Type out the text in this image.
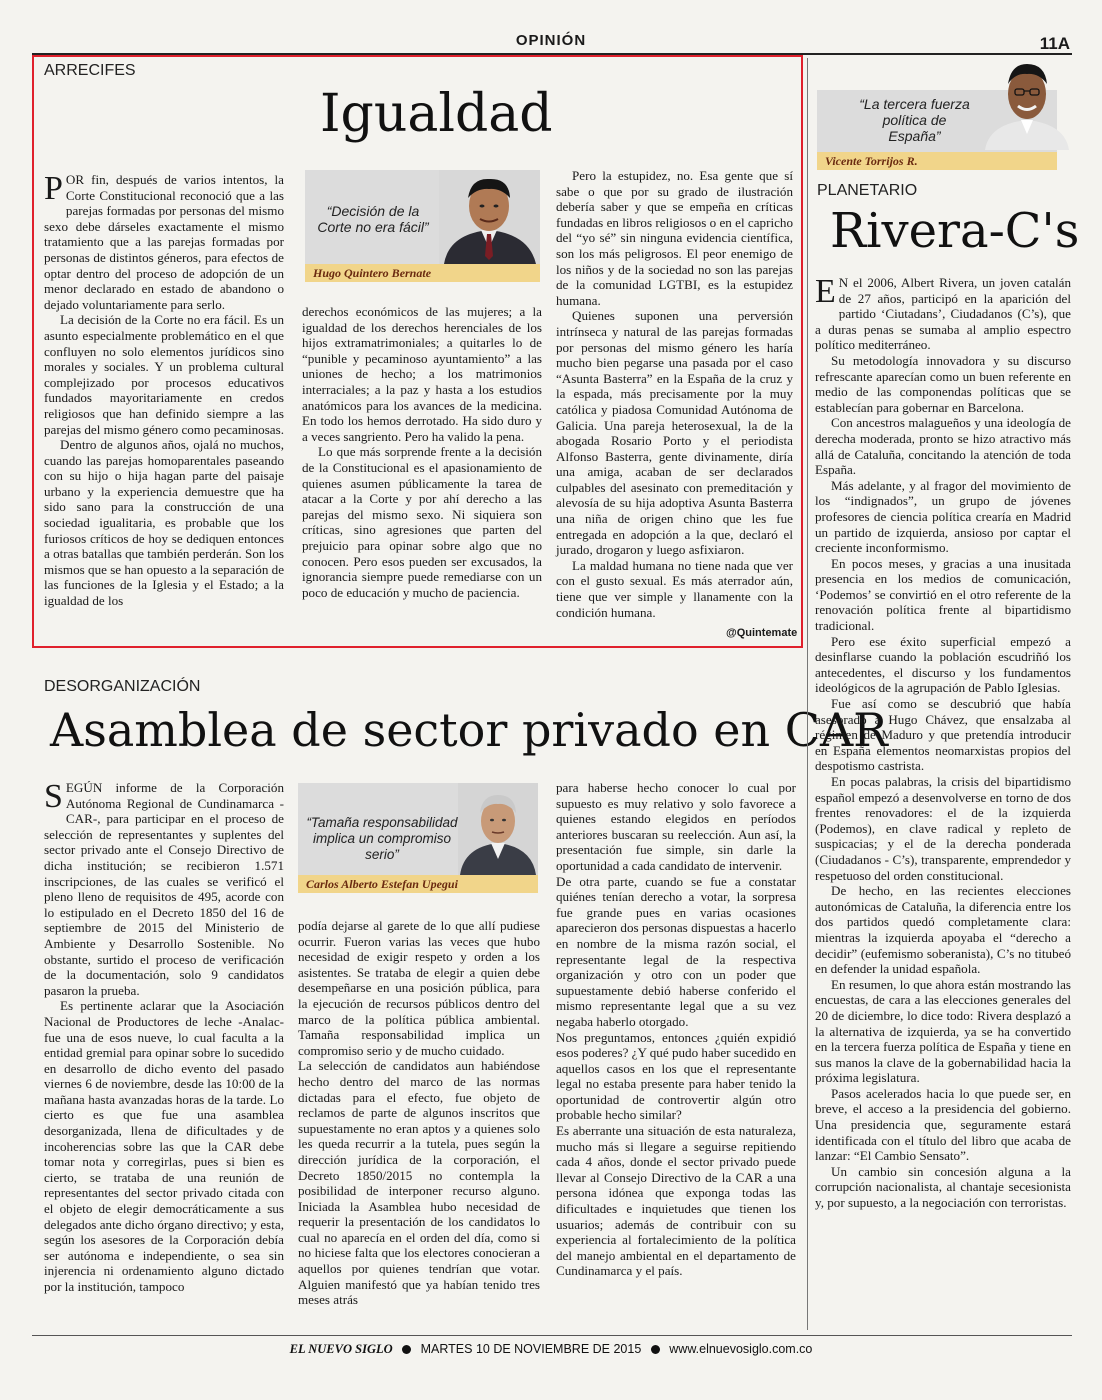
OPINIÓN	11A
ARRECIFES
Igualdad

POR fin, después de varios intentos, la Corte Constitucional reconoció que a las parejas formadas por personas del mismo sexo debe dárseles exactamente el mismo tratamiento que a las parejas formadas por personas de distintos géneros, para efectos de optar dentro del proceso de adopción de un menor declarado en estado de abandono o dejado voluntariamente para serlo.

La decisión de la Corte no era fácil. Es un asunto especialmente problemático en el que confluyen no solo elementos jurídicos sino morales y sociales. Y un problema cultural complejizado por procesos educativos fundados mayoritariamente en credos religiosos que han definido siempre a las parejas del mismo género como pecaminosas.

Dentro de algunos años, ojalá no muchos, cuando las parejas homoparentales paseando con su hijo o hija hagan parte del paisaje urbano y la experiencia demuestre que ha sido sano para la construcción de una sociedad igualitaria, es probable que los furiosos críticos de hoy se dediquen entonces a otras batallas que también perderán. Son los mismos que se han opuesto a la separación de las funciones de la Iglesia y el Estado; a la igualdad de los

“Decisión de la Corte no era fácil”
Hugo Quintero Bernate

derechos económicos de las mujeres; a la igualdad de los derechos herenciales de los hijos extramatrimoniales; a quitarles lo de “punible y pecaminoso ayuntamiento” a las uniones de hecho; a los matrimonios interraciales; a la paz y hasta a los estudios anatómicos para los avances de la medicina. En todo los hemos derrotado. Ha sido duro y a veces sangriento. Pero ha valido la pena.

Lo que más sorprende frente a la decisión de la Constitucional es el apasionamiento de quienes asumen públicamente la tarea de atacar a la Corte y por ahí derecho a las parejas del mismo sexo. Ni siquiera son críticas, sino agresiones que parten del prejuicio para opinar sobre algo que no conocen. Pero esos pueden ser excusados, la ignorancia siempre puede remediarse con un poco de educación y mucho de paciencia.

Pero la estupidez, no. Esa gente que sí sabe o que por su grado de ilustración debería saber y que se empeña en críticas fundadas en libros religiosos o en el capricho del “yo sé” sin ninguna evidencia científica, son los más peligrosos. El peor enemigo de los niños y de la sociedad no son las parejas de la comunidad LGTBI, es la estupidez humana.

Quienes suponen una perversión intrínseca y natural de las parejas formadas por personas del mismo género les haría mucho bien pegarse una pasada por el caso “Asunta Basterra” en la España de la cruz y la espada, más precisamente por la muy católica y piadosa Comunidad Autónoma de Galicia. Una pareja heterosexual, la de la abogada Rosario Porto y el periodista Alfonso Basterra, gente divinamente, diría una amiga, acaban de ser declarados culpables del asesinato con premeditación y alevosía de su hija adoptiva Asunta Basterra una niña de origen chino que les fue entregada en adopción a la que, declaró el jurado, drogaron y luego asfixiaron.

La maldad humana no tiene nada que ver con el gusto sexual. Es más aterrador aún, tiene que ver simple y llanamente con la condición humana.

@Quintemate
DESORGANIZACIÓN
Asamblea de sector privado en CAR

SEGÚN informe de la Corporación Autónoma Regional de Cundinamarca -CAR-, para participar en el proceso de selección de representantes y suplentes del sector privado ante el Consejo Directivo de dicha institución; se recibieron 1.571 inscripciones, de las cuales se verificó el pleno lleno de requisitos de 495, acorde con lo estipulado en el Decreto 1850 del 16 de septiembre de 2015 del Ministerio de Ambiente y Desarrollo Sostenible. No obstante, surtido el proceso de verificación de la documentación, solo 9 candidatos pasaron la prueba.

Es pertinente aclarar que la Asociación Nacional de Productores de leche -Analac- fue una de esos nueve, lo cual faculta a la entidad gremial para opinar sobre lo sucedido en desarrollo de dicho evento del pasado viernes 6 de noviembre, desde las 10:00 de la mañana hasta avanzadas horas de la tarde. Lo cierto es que fue una asamblea desorganizada, llena de dificultades y de incoherencias sobre las que la CAR debe tomar nota y corregirlas, pues si bien es cierto, se trataba de una reunión de representantes del sector privado citada con el objeto de elegir democráticamente a sus delegados ante dicho órgano directivo; y esta, según los asesores de la Corporación debía ser autónoma e independiente, o sea sin injerencia ni ordenamiento alguno dictado por la institución, tampoco

“Tamaña responsabilidad implica un compromiso serio”
Carlos Alberto Estefan Upegui

podía dejarse al garete de lo que allí pudiese ocurrir. Fueron varias las veces que hubo necesidad de exigir respeto y orden a los asistentes. Se trataba de elegir a quien debe desempeñarse en una posición pública, para la ejecución de recursos públicos dentro del marco de la política pública ambiental. Tamaña responsabilidad implica un compromiso serio y de mucho cuidado.

La selección de candidatos aun habiéndose hecho dentro del marco de las normas dictadas para el efecto, fue objeto de reclamos de parte de algunos inscritos que supuestamente no eran aptos y a quienes solo les queda recurrir a la tutela, pues según la dirección jurídica de la corporación, el Decreto 1850/2015 no contempla la posibilidad de interponer recurso alguno. Iniciada la Asamblea hubo necesidad de requerir la presentación de los candidatos lo cual no aparecía en el orden del día, como si no hiciese falta que los electores conocieran a aquellos por quienes tendrían que votar. Alguien manifestó que ya habían tenido tres meses atrás

para haberse hecho conocer lo cual por supuesto es muy relativo y solo favorece a quienes estando elegidos en períodos anteriores buscaran su reelección. Aun así, la presentación fue simple, sin darle la oportunidad a cada candidato de intervenir.

De otra parte, cuando se fue a constatar quiénes tenían derecho a votar, la sorpresa fue grande pues en varias ocasiones aparecieron dos personas dispuestas a hacerlo en nombre de la misma razón social, el representante legal de la respectiva organización y otro con un poder que supuestamente debió haberse conferido el mismo representante legal que a su vez negaba haberlo otorgado.

Nos preguntamos, entonces ¿quién expidió esos poderes? ¿Y qué pudo haber sucedido en aquellos casos en los que el representante legal no estaba presente para haber tenido la oportunidad de controvertir algún otro probable hecho similar?

Es aberrante una situación de esta naturaleza, mucho más si llegare a seguirse repitiendo cada 4 años, donde el sector privado puede llevar al Consejo Directivo de la CAR a una persona idónea que exponga todas las dificultades e inquietudes que tienen los usuarios; además de contribuir con su experiencia al fortalecimiento de la política del manejo ambiental en el departamento de Cundinamarca y el país.

“La tercera fuerza política de España”
Vicente Torrijos R.
PLANETARIO
Rivera-C's

E N el 2006, Albert Rivera, un joven catalán de 27 años, participó en la aparición del partido ‘Ciutadans’, Ciudadanos (C’s), que a duras penas se sumaba al amplio espectro político mediterráneo.

Su metodología innovadora y su discurso refrescante aparecían como un buen referente en medio de las componendas políticas que se establecían para gobernar en Barcelona.

Con ancestros malagueños y una ideología de derecha moderada, pronto se hizo atractivo más allá de Cataluña, concitando la atención de toda España.

Más adelante, y al fragor del movimiento de los “indignados”, un grupo de jóvenes profesores de ciencia política crearía en Madrid un partido de izquierda, ansioso por captar el creciente inconformismo.

En pocos meses, y gracias a una inusitada presencia en los medios de comunicación, ‘Podemos’ se convirtió en el otro referente de la renovación política frente al bipartidismo tradicional.

Pero ese éxito superficial empezó a desinflarse cuando la población escudriñó los antecedentes, el discurso y los fundamentos ideológicos de la agrupación de Pablo Iglesias.

Fue así como se descubrió que había asesorado a Hugo Chávez, que ensalzaba al régimen de Maduro y que pretendía introducir en España elementos neomarxistas propios del despotismo castrista.

En pocas palabras, la crisis del bipartidismo español empezó a desenvolverse en torno de dos frentes renovadores: el de la izquierda (Podemos), en clave radical y repleto de suspicacias; y el de la derecha ponderada (Ciudadanos - C’s), transparente, emprendedor y respetuoso del orden constitucional.

De hecho, en las recientes elecciones autonómicas de Cataluña, la diferencia entre los dos partidos quedó completamente clara: mientras la izquierda apoyaba el “derecho a decidir” (eufemismo soberanista), C’s no titubeó en defender la unidad española.

En resumen, lo que ahora están mostrando las encuestas, de cara a las elecciones generales del 20 de diciembre, lo dice todo: Rivera desplazó a la alternativa de izquierda, ya se ha convertido en la tercera fuerza política de España y tiene en sus manos la clave de la gobernabilidad hacia la próxima legislatura.

Pasos acelerados hacia lo que puede ser, en breve, el acceso a la presidencia del gobierno. Una presidencia que, seguramente estará identificada con el título del libro que acaba de lanzar: “El Cambio Sensato”.

Un cambio sin concesión alguna a la corrupción nacionalista, al chantaje secesionista y, por supuesto, a la negociación con terroristas.

EL NUEVO SIGLO MARTES 10 DE NOVIEMBRE DE 2015 www.elnuevosiglo.com.co
